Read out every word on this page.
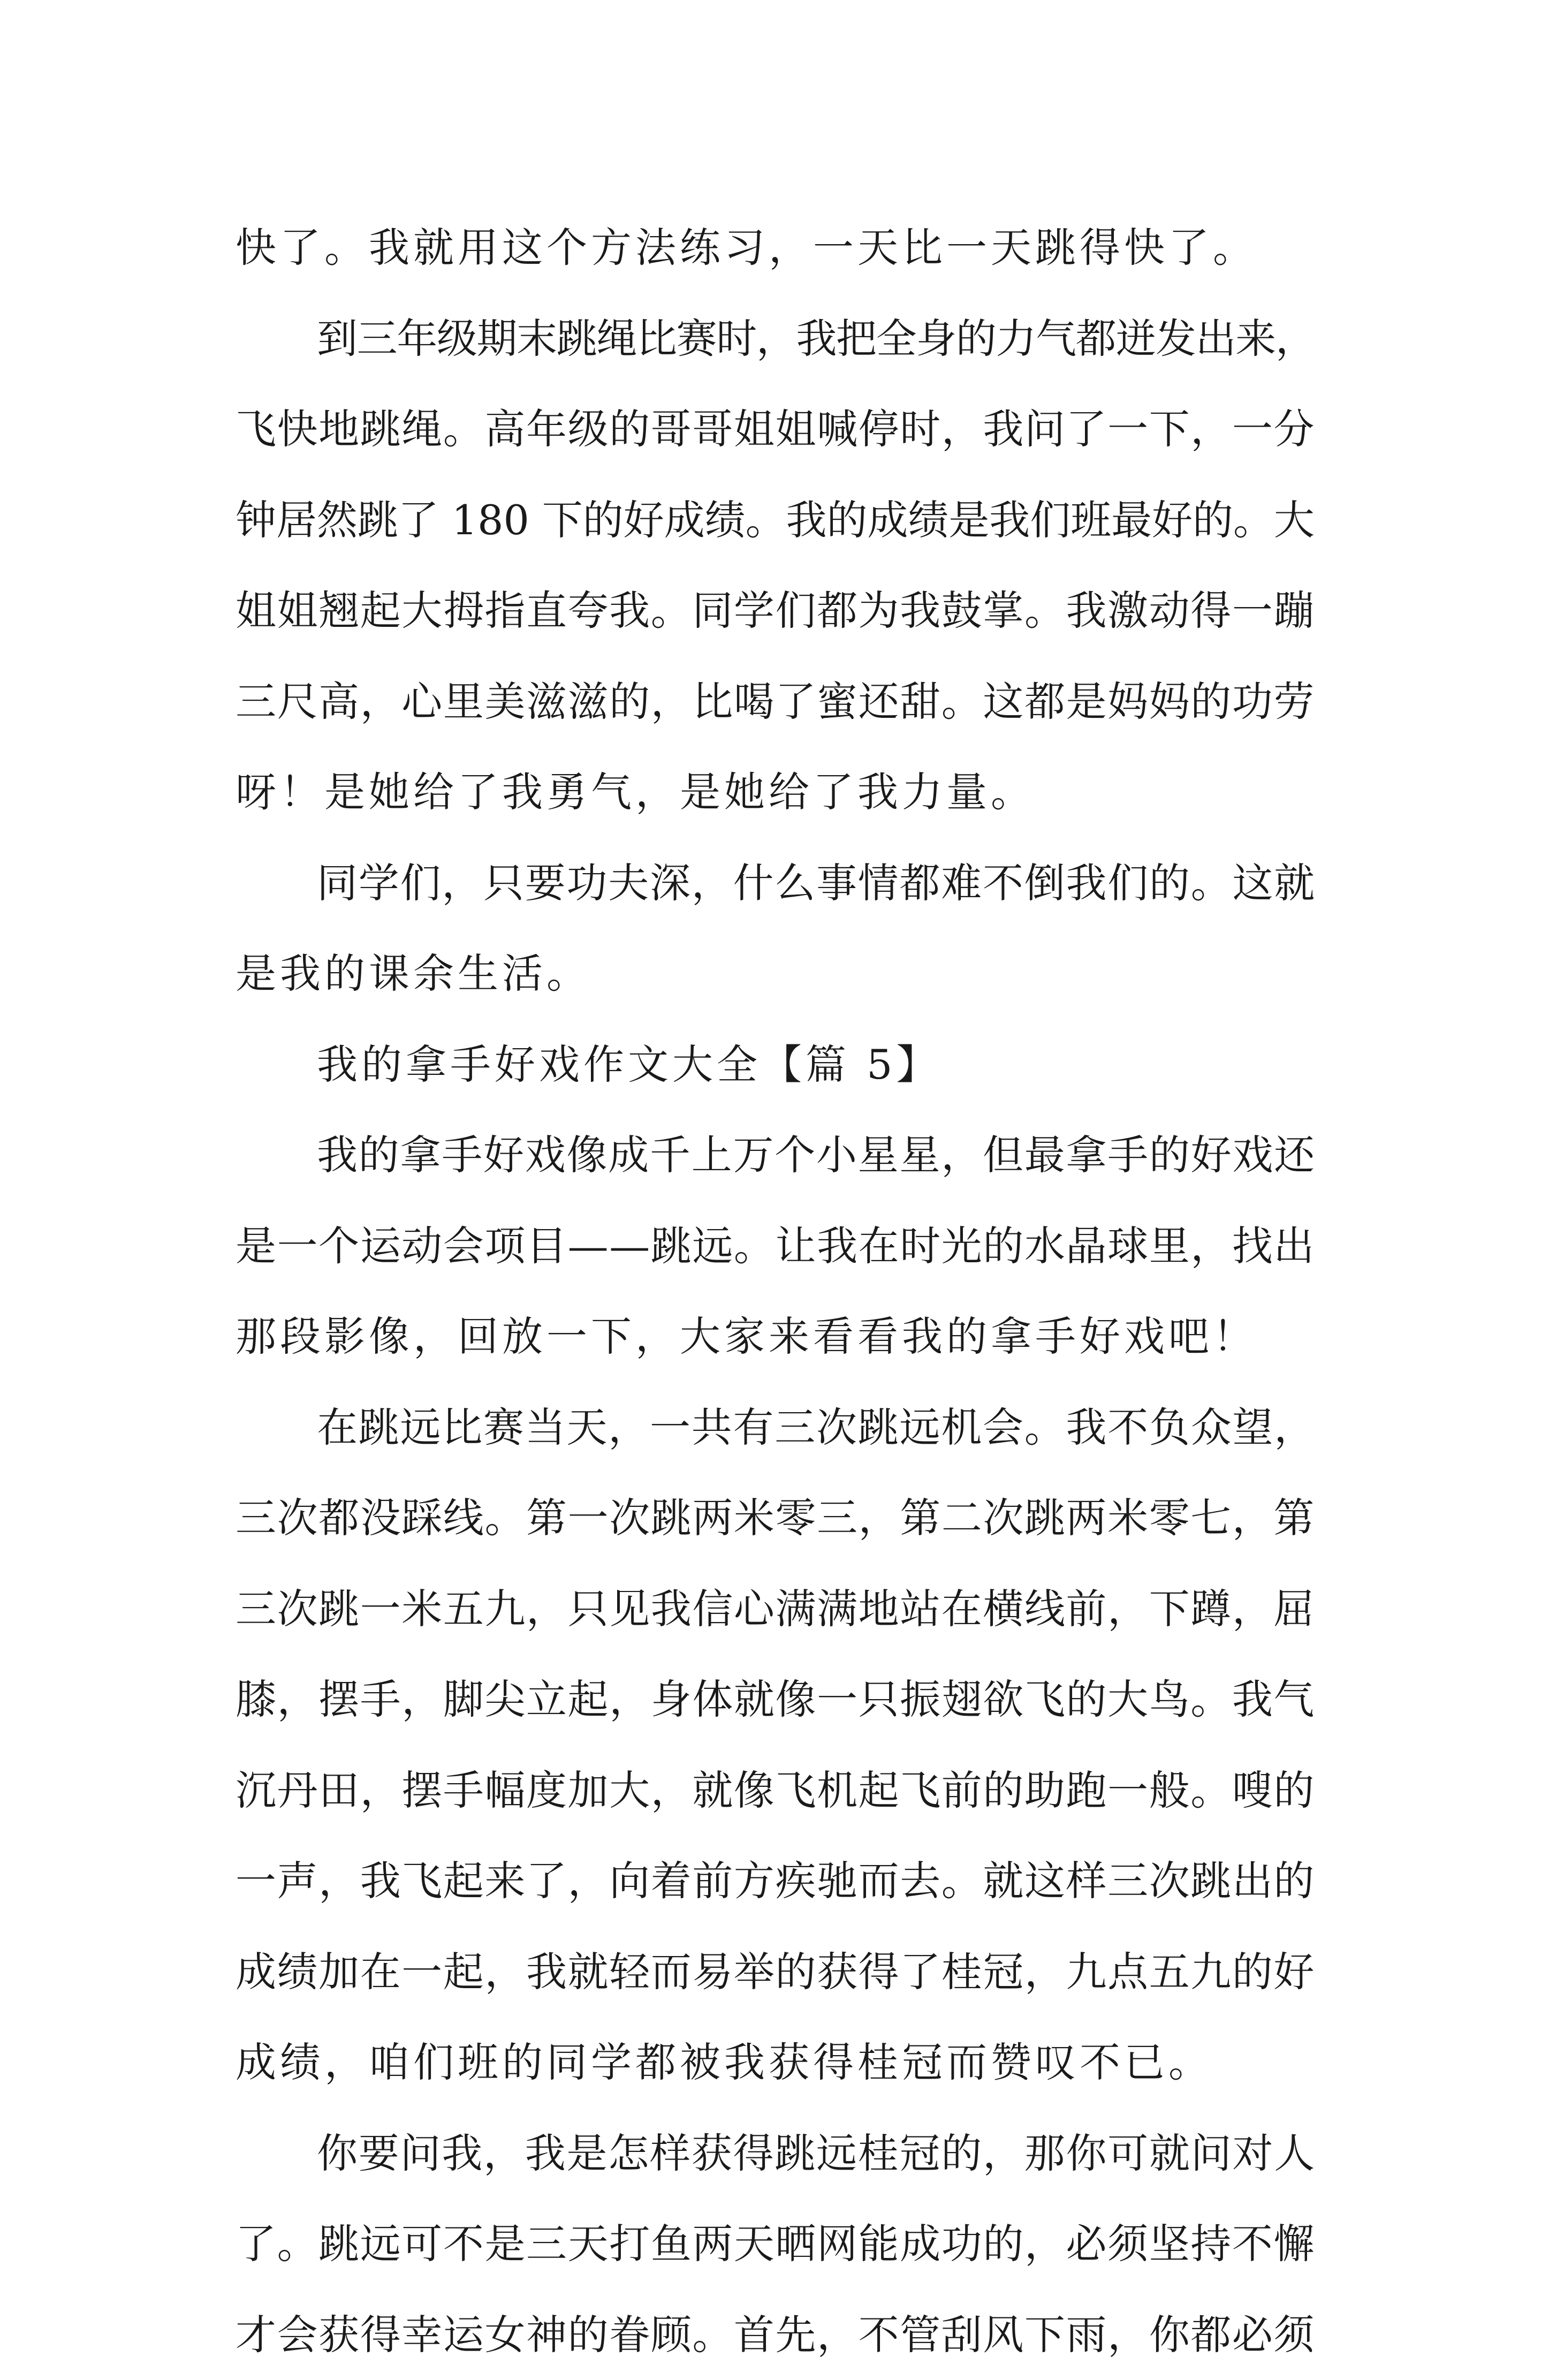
快了。我就用这个方法练习，一天比一天跳得快了。
到三年级期末跳绳比赛时，我把全身的力气都迸发出来，
飞快地跳绳。高年级的哥哥姐姐喊停时，我问了一下，一分
钟居然跳了 180 下的好成绩。我的成绩是我们班最好的。大
姐姐翘起大拇指直夸我。同学们都为我鼓掌。我激动得一蹦
三尺高，心里美滋滋的，比喝了蜜还甜。这都是妈妈的功劳
呀！是她给了我勇气，是她给了我力量。
同学们，只要功夫深，什么事情都难不倒我们的。这就
是我的课余生活。
我的拿手好戏作文大全【篇 5】
我的拿手好戏像成千上万个小星星，但最拿手的好戏还
是一个运动会项目——跳远。让我在时光的水晶球里，找出
那段影像，回放一下，大家来看看我的拿手好戏吧！
在跳远比赛当天，一共有三次跳远机会。我不负众望，
三次都没踩线。第一次跳两米零三，第二次跳两米零七，第
三次跳一米五九，只见我信心满满地站在横线前，下蹲，屈
膝，摆手，脚尖立起，身体就像一只振翅欲飞的大鸟。我气
沉丹田，摆手幅度加大，就像飞机起飞前的助跑一般。嗖的
一声，我飞起来了，向着前方疾驰而去。就这样三次跳出的
成绩加在一起，我就轻而易举的获得了桂冠，九点五九的好
成绩，咱们班的同学都被我获得桂冠而赞叹不已。
你要问我，我是怎样获得跳远桂冠的，那你可就问对人
了。跳远可不是三天打鱼两天晒网能成功的，必须坚持不懈
才会获得幸运女神的眷顾。首先，不管刮风下雨，你都必须
